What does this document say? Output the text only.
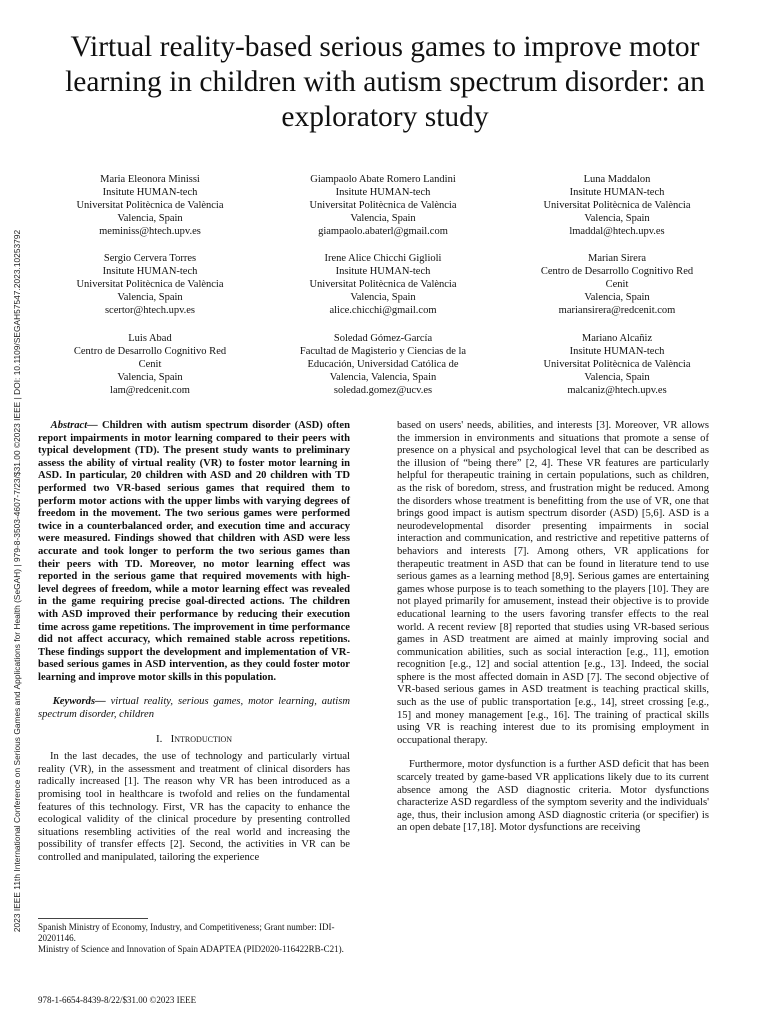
2023 IEEE 11th International Conference on Serious Games and Applications for Health (SeGAH) | 979-8-3503-4607-7/23/$31.00 ©2023 IEEE | DOI: 10.1109/SEGAH57547.2023.10253792
Virtual reality-based serious games to improve motor learning in children with autism spectrum disorder: an exploratory study
Maria Eleonora Minissi
Insitute HUMAN-tech
Universitat Politècnica de València
Valencia, Spain
meminiss@htech.upv.es
Giampaolo Abate Romero Landini
Insitute HUMAN-tech
Universitat Politècnica de València
Valencia, Spain
giampaolo.abaterl@gmail.com
Luna Maddalon
Insitute HUMAN-tech
Universitat Politècnica de València
Valencia, Spain
lmaddal@htech.upv.es
Sergio Cervera Torres
Insitute HUMAN-tech
Universitat Politècnica de València
Valencia, Spain
scertor@htech.upv.es
Irene Alice Chicchi Giglioli
Insitute HUMAN-tech
Universitat Politècnica de València
Valencia, Spain
alice.chicchi@gmail.com
Marian Sirera
Centro de Desarrollo Cognitivo Red
Cenit
Valencia, Spain
mariansirera@redcenit.com
Luis Abad
Centro de Desarrollo Cognitivo Red
Cenit
Valencia, Spain
lam@redcenit.com
Soledad Gómez-García
Facultad de Magisterio y Ciencias de la
Educación, Universidad Católica de
Valencia, Valencia, Spain
soledad.gomez@ucv.es
Mariano Alcañiz
Insitute HUMAN-tech
Universitat Politècnica de València
Valencia, Spain
malcaniz@htech.upv.es

Abstract— Children with autism spectrum disorder (ASD) often report impairments in motor learning compared to their peers with typical development (TD). The present study wants to preliminary assess the ability of virtual reality (VR) to foster motor learning in ASD. In particular, 20 children with ASD and 20 children with TD performed two VR-based serious games that required them to perform motor actions with the upper limbs with varying degrees of freedom in the movement. The two serious games were performed twice in a counterbalanced order, and execution time and accuracy were measured. Findings showed that children with ASD were less accurate and took longer to perform the two serious games than their peers with TD. Moreover, no motor learning effect was reported in the serious game that required movements with high-level degrees of freedom, while a motor learning effect was revealed in the game requiring precise goal-directed actions. The children with ASD improved their performance by reducing their execution time across game repetitions. The improvement in time performance did not affect accuracy, which remained stable across repetitions. These findings support the development and implementation of VR-based serious games in ASD intervention, as they could foster motor learning and improve motor skills in this population.

Keywords— virtual reality, serious games, motor learning, autism spectrum disorder, children

I. Introduction

In the last decades, the use of technology and particularly virtual reality (VR), in the assessment and treatment of clinical disorders has radically increased [1]. The reason why VR has been introduced as a promising tool in healthcare is twofold and relies on the fundamental features of this technology. First, VR has the capacity to enhance the ecological validity of the clinical procedure by presenting controlled situations resembling activities of the real world and increasing the possibility of transfer effects [2]. Second, the activities in VR can be controlled and manipulated, tailoring the experience

based on users' needs, abilities, and interests [3]. Moreover, VR allows the immersion in environments and situations that promote a sense of presence on a physical and psychological level that can be described as the illusion of “being there” [2, 4]. These VR features are particularly helpful for therapeutic training in certain populations, such as children, as the risk of boredom, stress, and frustration might be reduced. Among the disorders whose treatment is benefitting from the use of VR, one that brings good impact is autism spectrum disorder (ASD) [5,6]. ASD is a neurodevelopmental disorder presenting impairments in social interaction and communication, and restrictive and repetitive patterns of behaviors and interests [7]. Among others, VR applications for therapeutic treatment in ASD that can be found in literature tend to use serious games as a learning method [8,9]. Serious games are entertaining games whose purpose is to teach something to the players [10]. They are not played primarily for amusement, instead their objective is to provide educational learning to the users favoring transfer effects to the real world. A recent review [8] reported that studies using VR-based serious games in ASD treatment are aimed at mainly improving social and communication abilities, such as social interaction [e.g., 11], emotion recognition [e.g., 12] and social attention [e.g., 13]. Indeed, the social sphere is the most affected domain in ASD [7]. The second objective of VR-based serious games in ASD treatment is teaching practical skills, such as the use of public transportation [e.g., 14], street crossing [e.g., 15] and money management [e.g., 16]. The training of practical skills using VR is reaching interest due to its promising employment in occupational therapy.

Furthermore, motor dysfunction is a further ASD deficit that has been scarcely treated by game-based VR applications likely due to its current absence among the ASD diagnostic criteria. Motor dysfunctions characterize ASD regardless of the symptom severity and the individuals' age, thus, their inclusion among ASD diagnostic criteria (or specifier) is an open debate [17,18]. Motor dysfunctions are receiving

Spanish Ministry of Economy, Industry, and Competitiveness; Grant number: IDI-20201146.

Ministry of Science and Innovation of Spain ADAPTEA (PID2020-116422RB-C21).

978-1-6654-8439-8/22/$31.00 ©2023 IEEE
